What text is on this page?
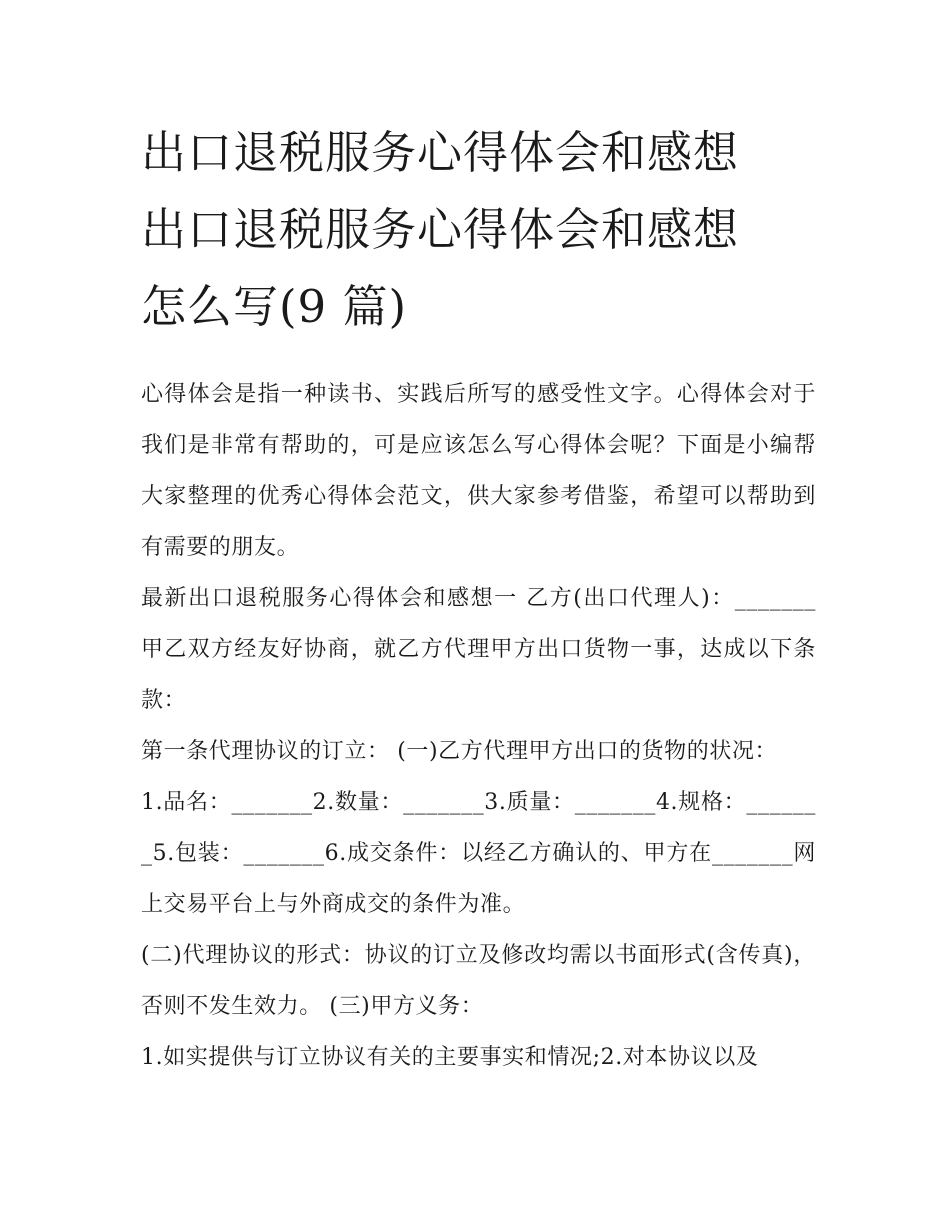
出口退税服务心得体会和感想
出口退税服务心得体会和感想
怎么写(9 篇)

心得体会是指一种读书、实践后所写的感受性文字。心得体会对于我们是非常有帮助的，可是应该怎么写心得体会呢？下面是小编帮大家整理的优秀心得体会范文，供大家参考借鉴，希望可以帮助到有需要的朋友。

最新出口退税服务心得体会和感想一 乙方(出口代理人)：_______ 甲乙双方经友好协商，就乙方代理甲方出口货物一事，达成以下条款：

第一条代理协议的订立： (一)乙方代理甲方出口的货物的状况：

1.品名：_______2.数量：_______3.质量：_______4.规格：_______5.包装：_______6.成交条件：以经乙方确认的、甲方在_______网上交易平台上与外商成交的条件为准。

(二)代理协议的形式：协议的订立及修改均需以书面形式(含传真)，否则不发生效力。 (三)甲方义务：

1.如实提供与订立协议有关的主要事实和情况;2.对本协议以及
